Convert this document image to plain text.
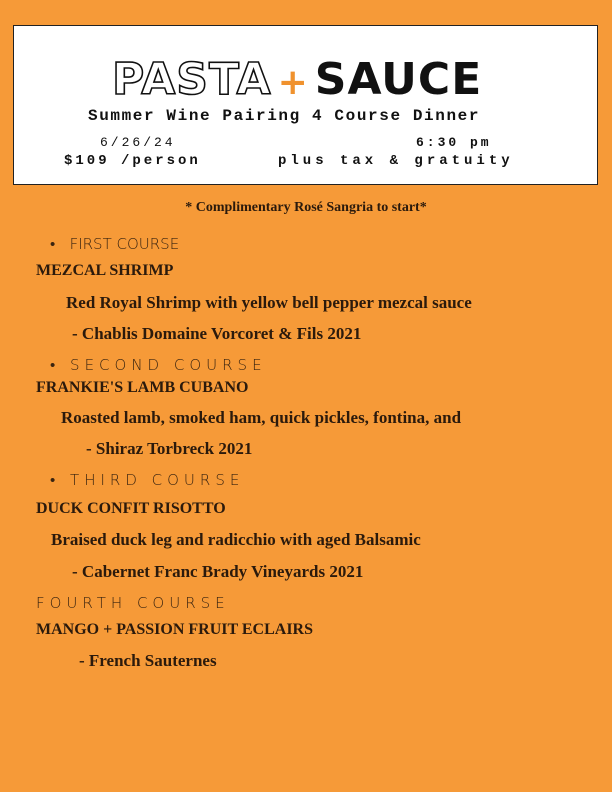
PASTA + SAUCE
Summer Wine Pairing 4 Course Dinner
6/26/24	6:30 pm
$109 /person	plus tax & gratuity
* Complimentary Rosé Sangria to start*
• FIRST COURSE
MEZCAL SHRIMP
Red Royal Shrimp with yellow bell pepper mezcal sauce
- Chablis Domaine Vorcoret & Fils 2021
• SECOND COURSE
FRANKIE'S LAMB CUBANO
Roasted lamb, smoked ham, quick pickles, fontina, and
- Shiraz Torbreck 2021
• THIRD COURSE
DUCK CONFIT RISOTTO
Braised duck leg and radicchio with aged Balsamic
- Cabernet Franc Brady Vineyards 2021
FOURTH COURSE
MANGO + PASSION FRUIT ECLAIRS
- French Sauternes
